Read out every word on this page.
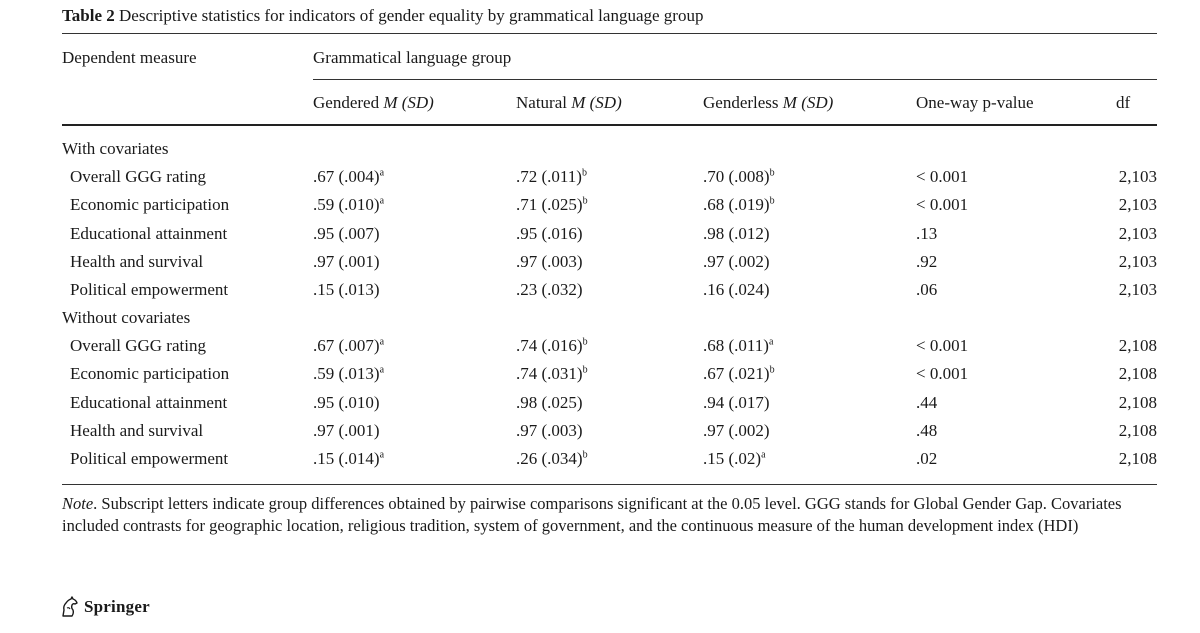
Table 2 Descriptive statistics for indicators of gender equality by grammatical language group
Dependent measure	Grammatical language group
Gendered M (SD)	Natural M (SD)	Genderless M (SD)	One-way p-value	df
With covariates
Overall GGG rating	.67 $(.004)^a$	.72 $(.011)^b$	.70 $(.008)^b$	< 0.001	2,103
Economic participation	.59 $(.010)^a$	.71 $(.025)^b$	.68 $(.019)^b$	< 0.001	2,103
Educational attainment	.95 (.007)	.95 (.016)	.98 (.012)	.13	2,103
Health and survival	.97 (.001)	.97 (.003)	.97 (.002)	.92	2,103
Political empowerment	.15 (.013)	.23 (.032)	.16 (.024)	.06	2,103
Without covariates
Overall GGG rating	.67 $(.007)^a$	.74 $(.016)^b$	.68 $(.011)^a$	< 0.001	2,108
Economic participation	.59 $(.013)^a$	.74 $(.031)^b$	.67 $(.021)^b$	< 0.001	2,108
Educational attainment	.95 (.010)	.98 (.025)	.94 (.017)	.44	2,108
Health and survival	.97 (.001)	.97 (.003)	.97 (.002)	.48	2,108
Political empowerment	.15 $(.014)^a$	.26 $(.034)^b$	.15 $(.02)^a$	.02	2,108
Note. Subscript letters indicate group differences obtained by pairwise comparisons significant at the 0.05 level. GGG stands for Global Gender Gap. Covariates included contrasts for geographic location, religious tradition, system of government, and the continuous measure of the human development index (HDI)
Springer
